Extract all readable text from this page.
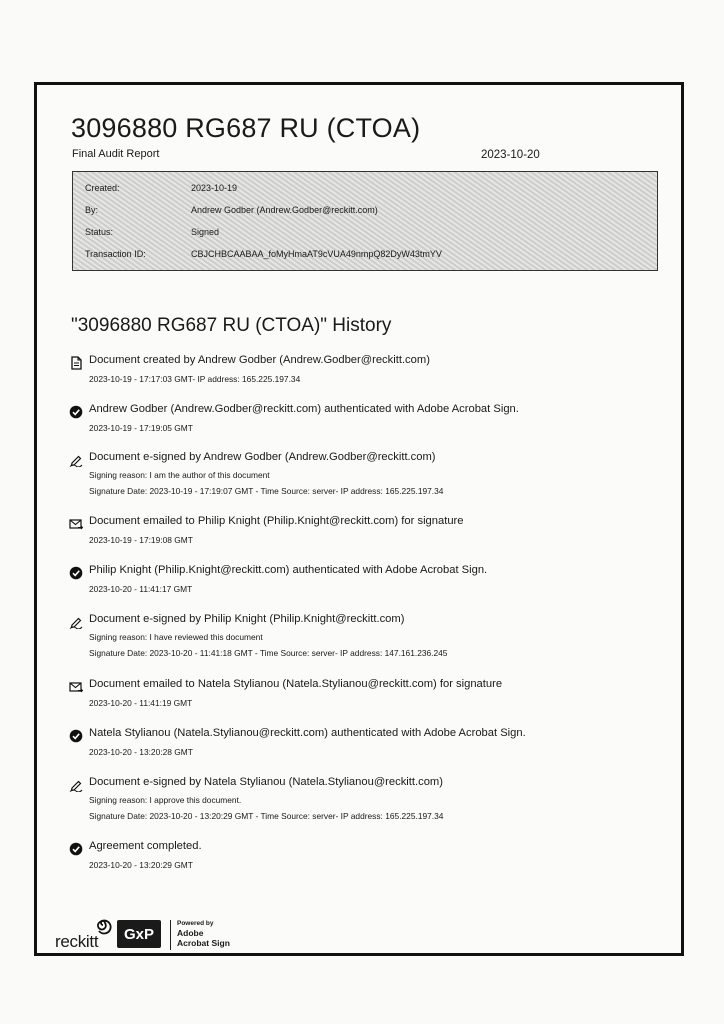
3096880 RG687 RU (CTOA)
Final Audit Report	2023-10-20
Created:	2023-10-19
By:	Andrew Godber (Andrew.Godber@reckitt.com)
Status:	Signed
Transaction ID:	CBJCHBCAABAA_foMyHmaAT9cVUA49nmpQ82DyW43tmYV
"3096880 RG687 RU (CTOA)" History
Document created by Andrew Godber (Andrew.Godber@reckitt.com)
2023-10-19 - 17:17:03 GMT- IP address: 165.225.197.34
Andrew Godber (Andrew.Godber@reckitt.com) authenticated with Adobe Acrobat Sign.
2023-10-19 - 17:19:05 GMT
Document e-signed by Andrew Godber (Andrew.Godber@reckitt.com)
Signing reason: I am the author of this document
Signature Date: 2023-10-19 - 17:19:07 GMT - Time Source: server- IP address: 165.225.197.34
Document emailed to Philip Knight (Philip.Knight@reckitt.com) for signature
2023-10-19 - 17:19:08 GMT
Philip Knight (Philip.Knight@reckitt.com) authenticated with Adobe Acrobat Sign.
2023-10-20 - 11:41:17 GMT
Document e-signed by Philip Knight (Philip.Knight@reckitt.com)
Signing reason: I have reviewed this document
Signature Date: 2023-10-20 - 11:41:18 GMT - Time Source: server- IP address: 147.161.236.245
Document emailed to Natela Stylianou (Natela.Stylianou@reckitt.com) for signature
2023-10-20 - 11:41:19 GMT
Natela Stylianou (Natela.Stylianou@reckitt.com) authenticated with Adobe Acrobat Sign.
2023-10-20 - 13:20:28 GMT
Document e-signed by Natela Stylianou (Natela.Stylianou@reckitt.com)
Signing reason: I approve this document.
Signature Date: 2023-10-20 - 13:20:29 GMT - Time Source: server- IP address: 165.225.197.34
Agreement completed.
2023-10-20 - 13:20:29 GMT
reckitt	GxP
Powered by
Adobe
Acrobat Sign
